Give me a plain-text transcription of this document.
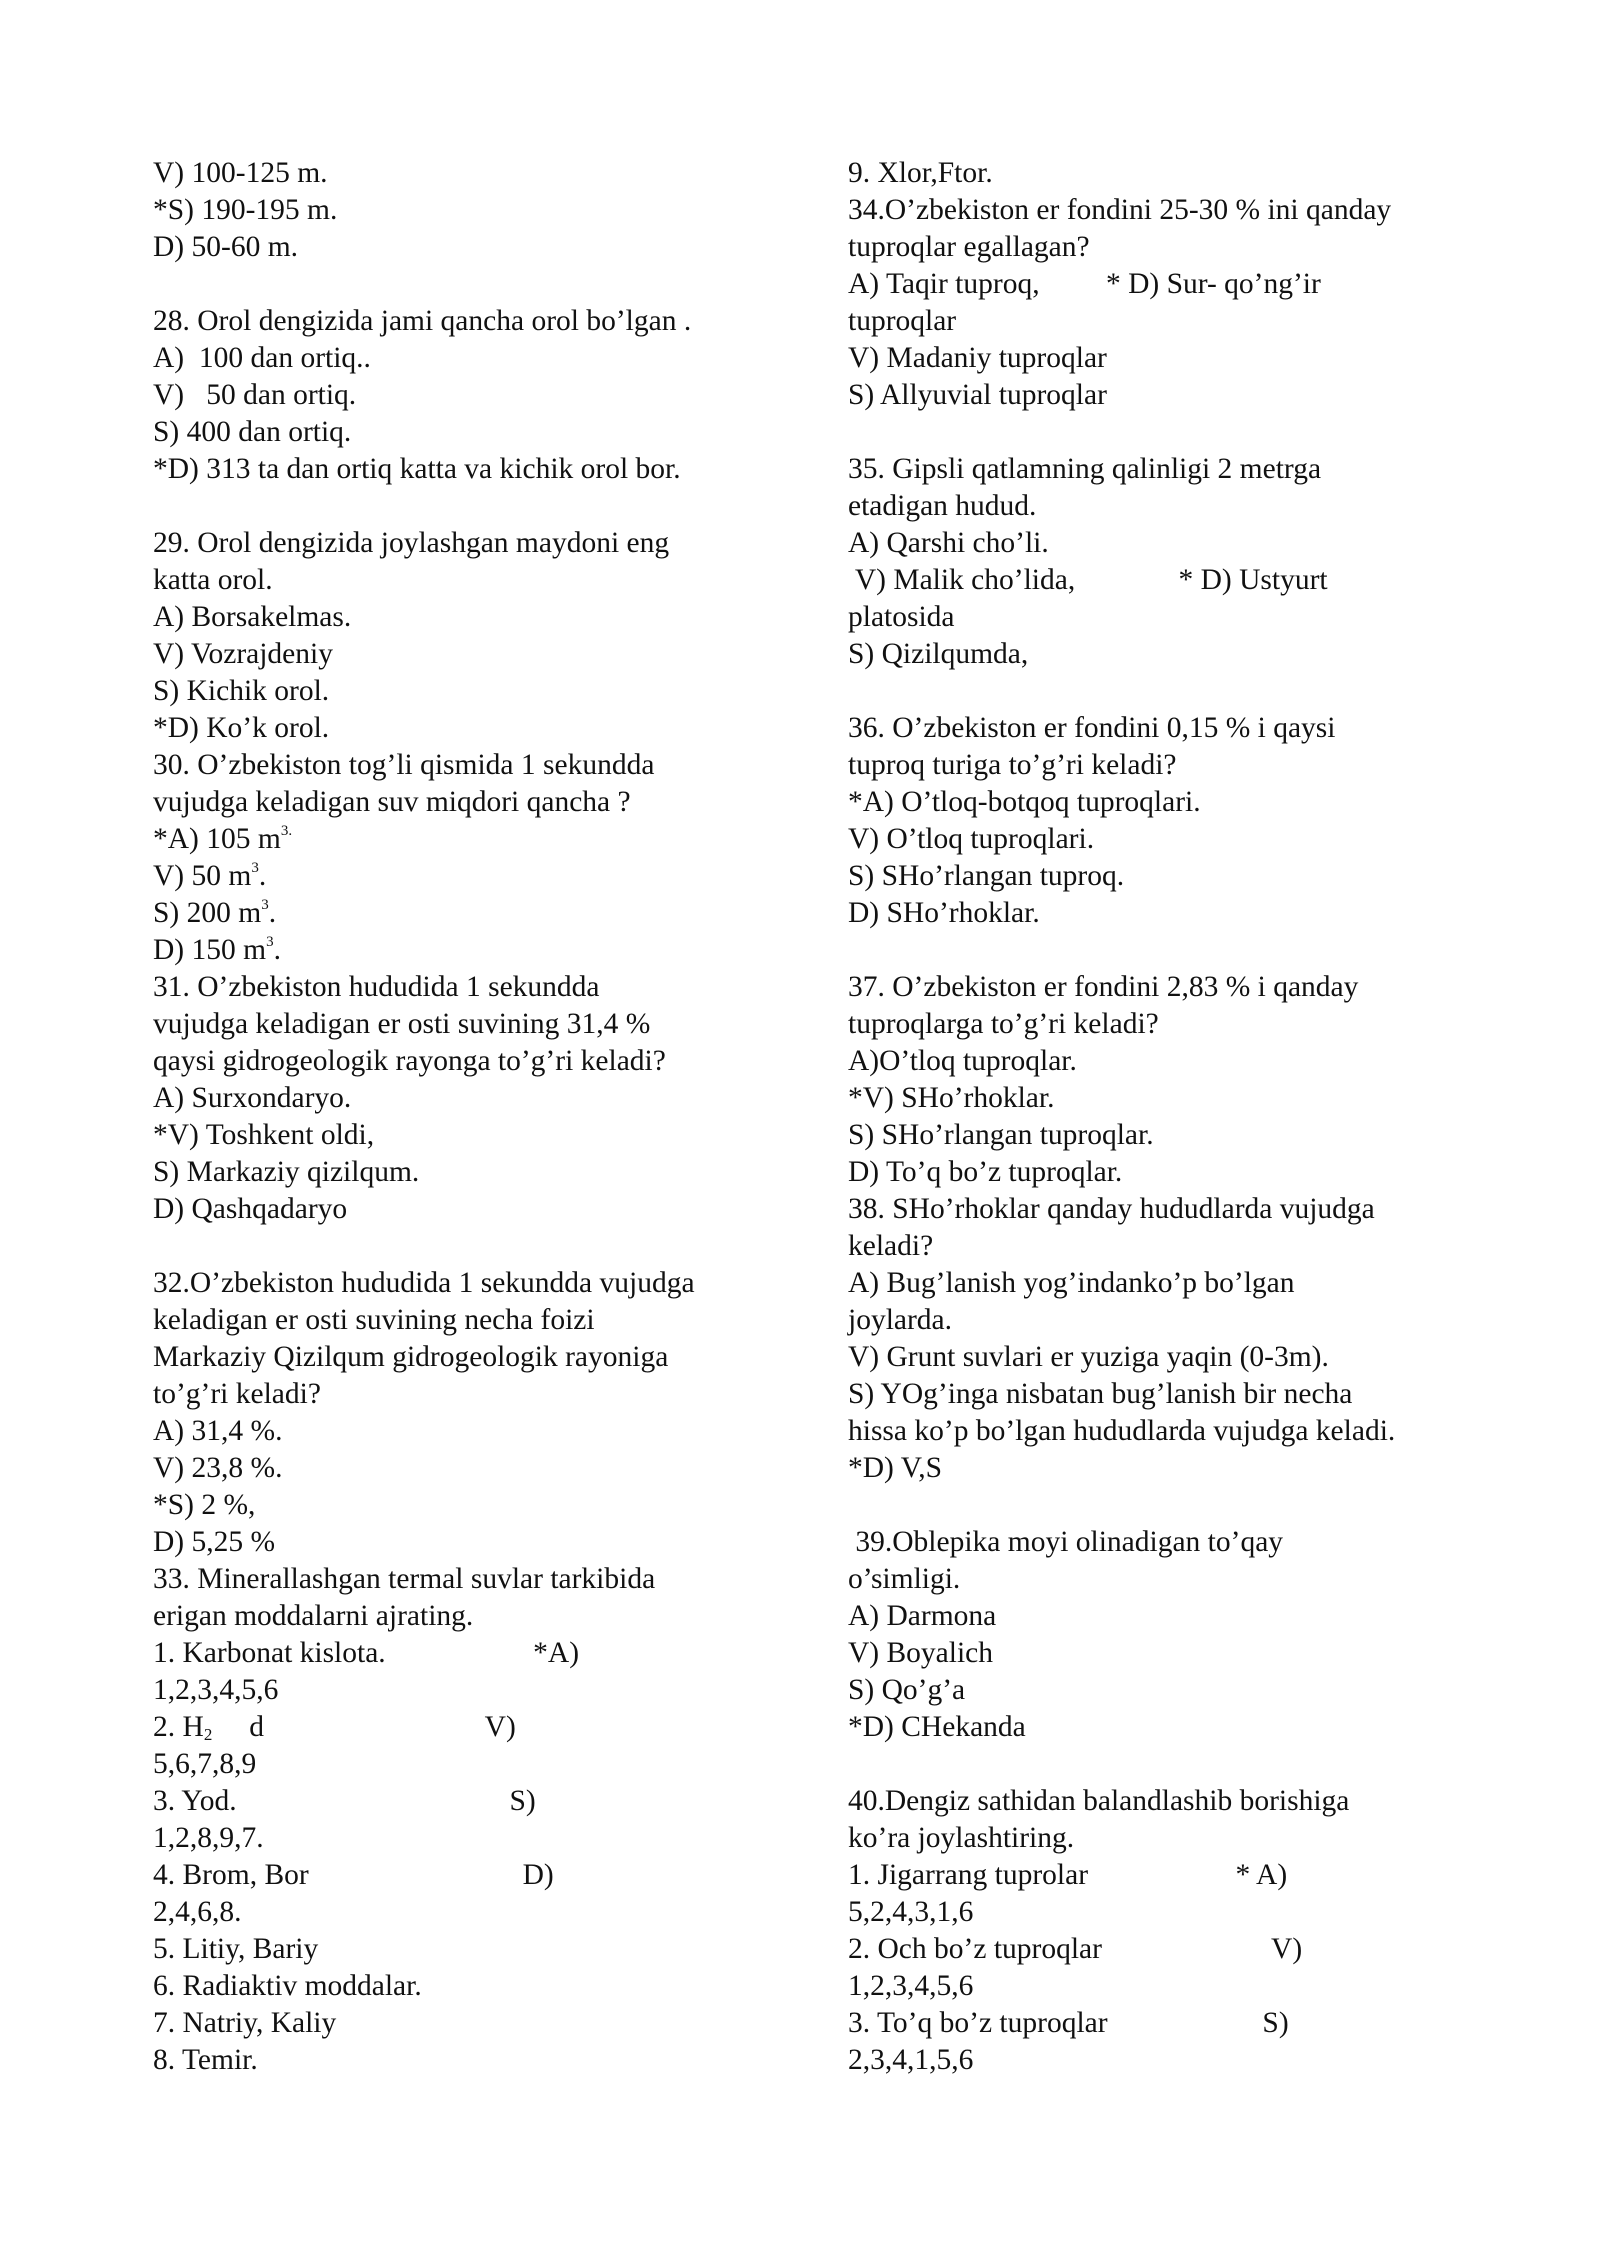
V) 100-125 m.
*S) 190-195 m.
D) 50-60 m.
28. Orol dengizida jami qancha orol bo’lgan .
A)  100 dan ortiq..
V)   50 dan ortiq.
S) 400 dan ortiq.
*D) 313 ta dan ortiq katta va kichik orol bor.
29. Orol dengizida joylashgan maydoni eng
katta orol.
A) Borsakelmas.
V) Vozrajdeniy
S) Kichik orol.
*D) Ko’k orol.
30. O’zbekiston tog’li qismida 1 sekundda
vujudga keladigan suv miqdori qancha ?
*A) 105 $m^{3.}$
V) 50 $m^3$.
S) 200 $m^3$.
D) 150 $m^3$.
31. O’zbekiston hududida 1 sekundda
vujudga keladigan er osti suvining 31,4 %
qaysi gidrogeologik rayonga to’g’ri keladi?
A) Surxondaryo.
*V) Toshkent oldi,
S) Markaziy qizilqum.
D) Qashqadaryo
32.O’zbekiston hududida 1 sekundda vujudga
keladigan er osti suvining necha foizi
Markaziy Qizilqum gidrogeologik rayoniga
to’g’ri keladi?
A) 31,4 %.
V) 23,8 %.
*S) 2 %,
D) 5,25 %
33. Minerallashgan termal suvlar tarkibida
erigan moddalarni ajrating.
1. Karbonat kislota.                    *A)
1,2,3,4,5,6
2. $H_2$     d                              V)
5,6,7,8,9
3. Yod.                                     S)
1,2,8,9,7.
4. Brom, Bor                             D)
2,4,6,8.
5. Litiy, Bariy
6. Radiaktiv moddalar.
7. Natriy, Kaliy
8. Temir.
9. Xlor,Ftor.
34.O’zbekiston er fondini 25-30 % ini qanday
tuproqlar egallagan?
A) Taqir tuproq,         * D) Sur- qo’ng’ir
tuproqlar
V) Madaniy tuproqlar
S) Allyuvial tuproqlar
35. Gipsli qatlamning qalinligi 2 metrga
etadigan hudud.
A) Qarshi cho’li.
V) Malik cho’lida,              * D) Ustyurt
platosida
S) Qizilqumda,
36. O’zbekiston er fondini 0,15 % i qaysi
tuproq turiga to’g’ri keladi?
*A) O’tloq-botqoq tuproqlari.
V) O’tloq tuproqlari.
S) SHo’rlangan tuproq.
D) SHo’rhoklar.
37. O’zbekiston er fondini 2,83 % i qanday
tuproqlarga to’g’ri keladi?
A)O’tloq tuproqlar.
*V) SHo’rhoklar.
S) SHo’rlangan tuproqlar.
D) To’q bo’z tuproqlar.
38. SHo’rhoklar qanday hududlarda vujudga
keladi?
A) Bug’lanish yog’indanko’p bo’lgan
joylarda.
V) Grunt suvlari er yuziga yaqin (0-3m).
S) YOg’inga nisbatan bug’lanish bir necha
hissa ko’p bo’lgan hududlarda vujudga keladi.
*D) V,S
39.Oblepika moyi olinadigan to’qay
o’simligi.
A) Darmona
V) Boyalich
S) Qo’g’a
*D) CHekanda
40.Dengiz sathidan balandlashib borishiga
ko’ra joylashtiring.
1. Jigarrang tuprolar                    * A)
5,2,4,3,1,6
2. Och bo’z tuproqlar                       V)
1,2,3,4,5,6
3. To’q bo’z tuproqlar                     S)
2,3,4,1,5,6
